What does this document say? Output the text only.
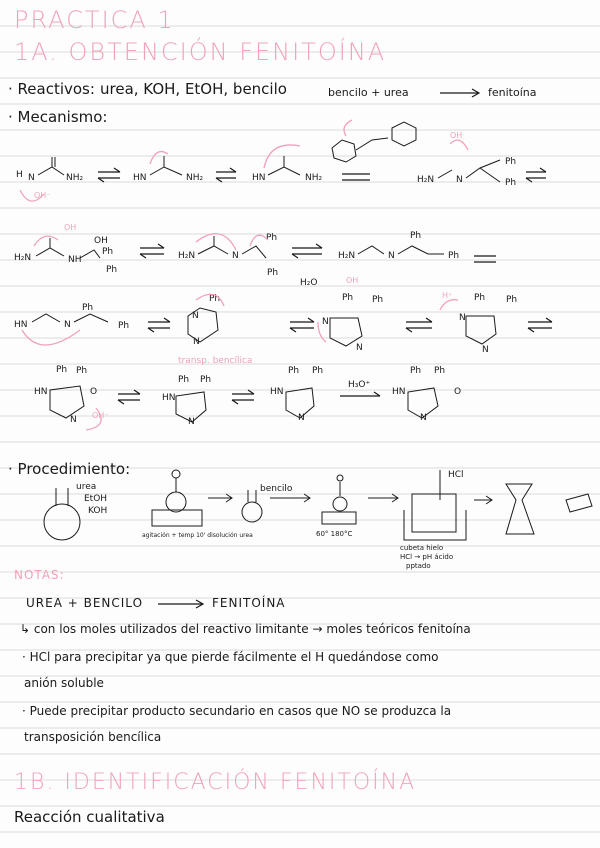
PRACTICA 1
1A. OBTENCIÓN FENITOÍNA
· Reactivos: urea, KOH, EtOH, bencilo	bencilo + urea	fenitoína
· Mecanismo:
H N	NH₂	HN	NH₂	HN	NH₂	H₂N N
Ph
Ph
H₂N	NH
OH
Ph
Ph
H₂N	N
Ph
Ph
H₂N	N
Ph
Ph
H₂O
HN	N
Ph
Ph
Ph
N
N
Ph Ph
N
N
Ph Ph
N
N
Ph Ph
HN
N
O
Ph Ph
HN
N
Ph Ph
HN
N
Ph Ph
HN
N
O
OH⁻
OH
OH
OH
H⁺
OH⁻
transp. bencílica
H₃O⁺
· Procedimiento:
urea
EtOH
KOH
agitación + temp 10' disolución urea
bencilo
60° 180°C
HCl
cubeta hielo
HCl → pH ácido
pptado
NOTAS:
UREA + BENCILO	FENITOÍNA
↳ con los moles utilizados del reactivo limitante → moles teóricos fenitoína
· HCl para precipitar ya que pierde fácilmente el H quedándose como
anión soluble
· Puede precipitar producto secundario en casos que NO se produzca la
transposición bencílica
1B. IDENTIFICACIÓN FENITOÍNA
Reacción cualitativa
